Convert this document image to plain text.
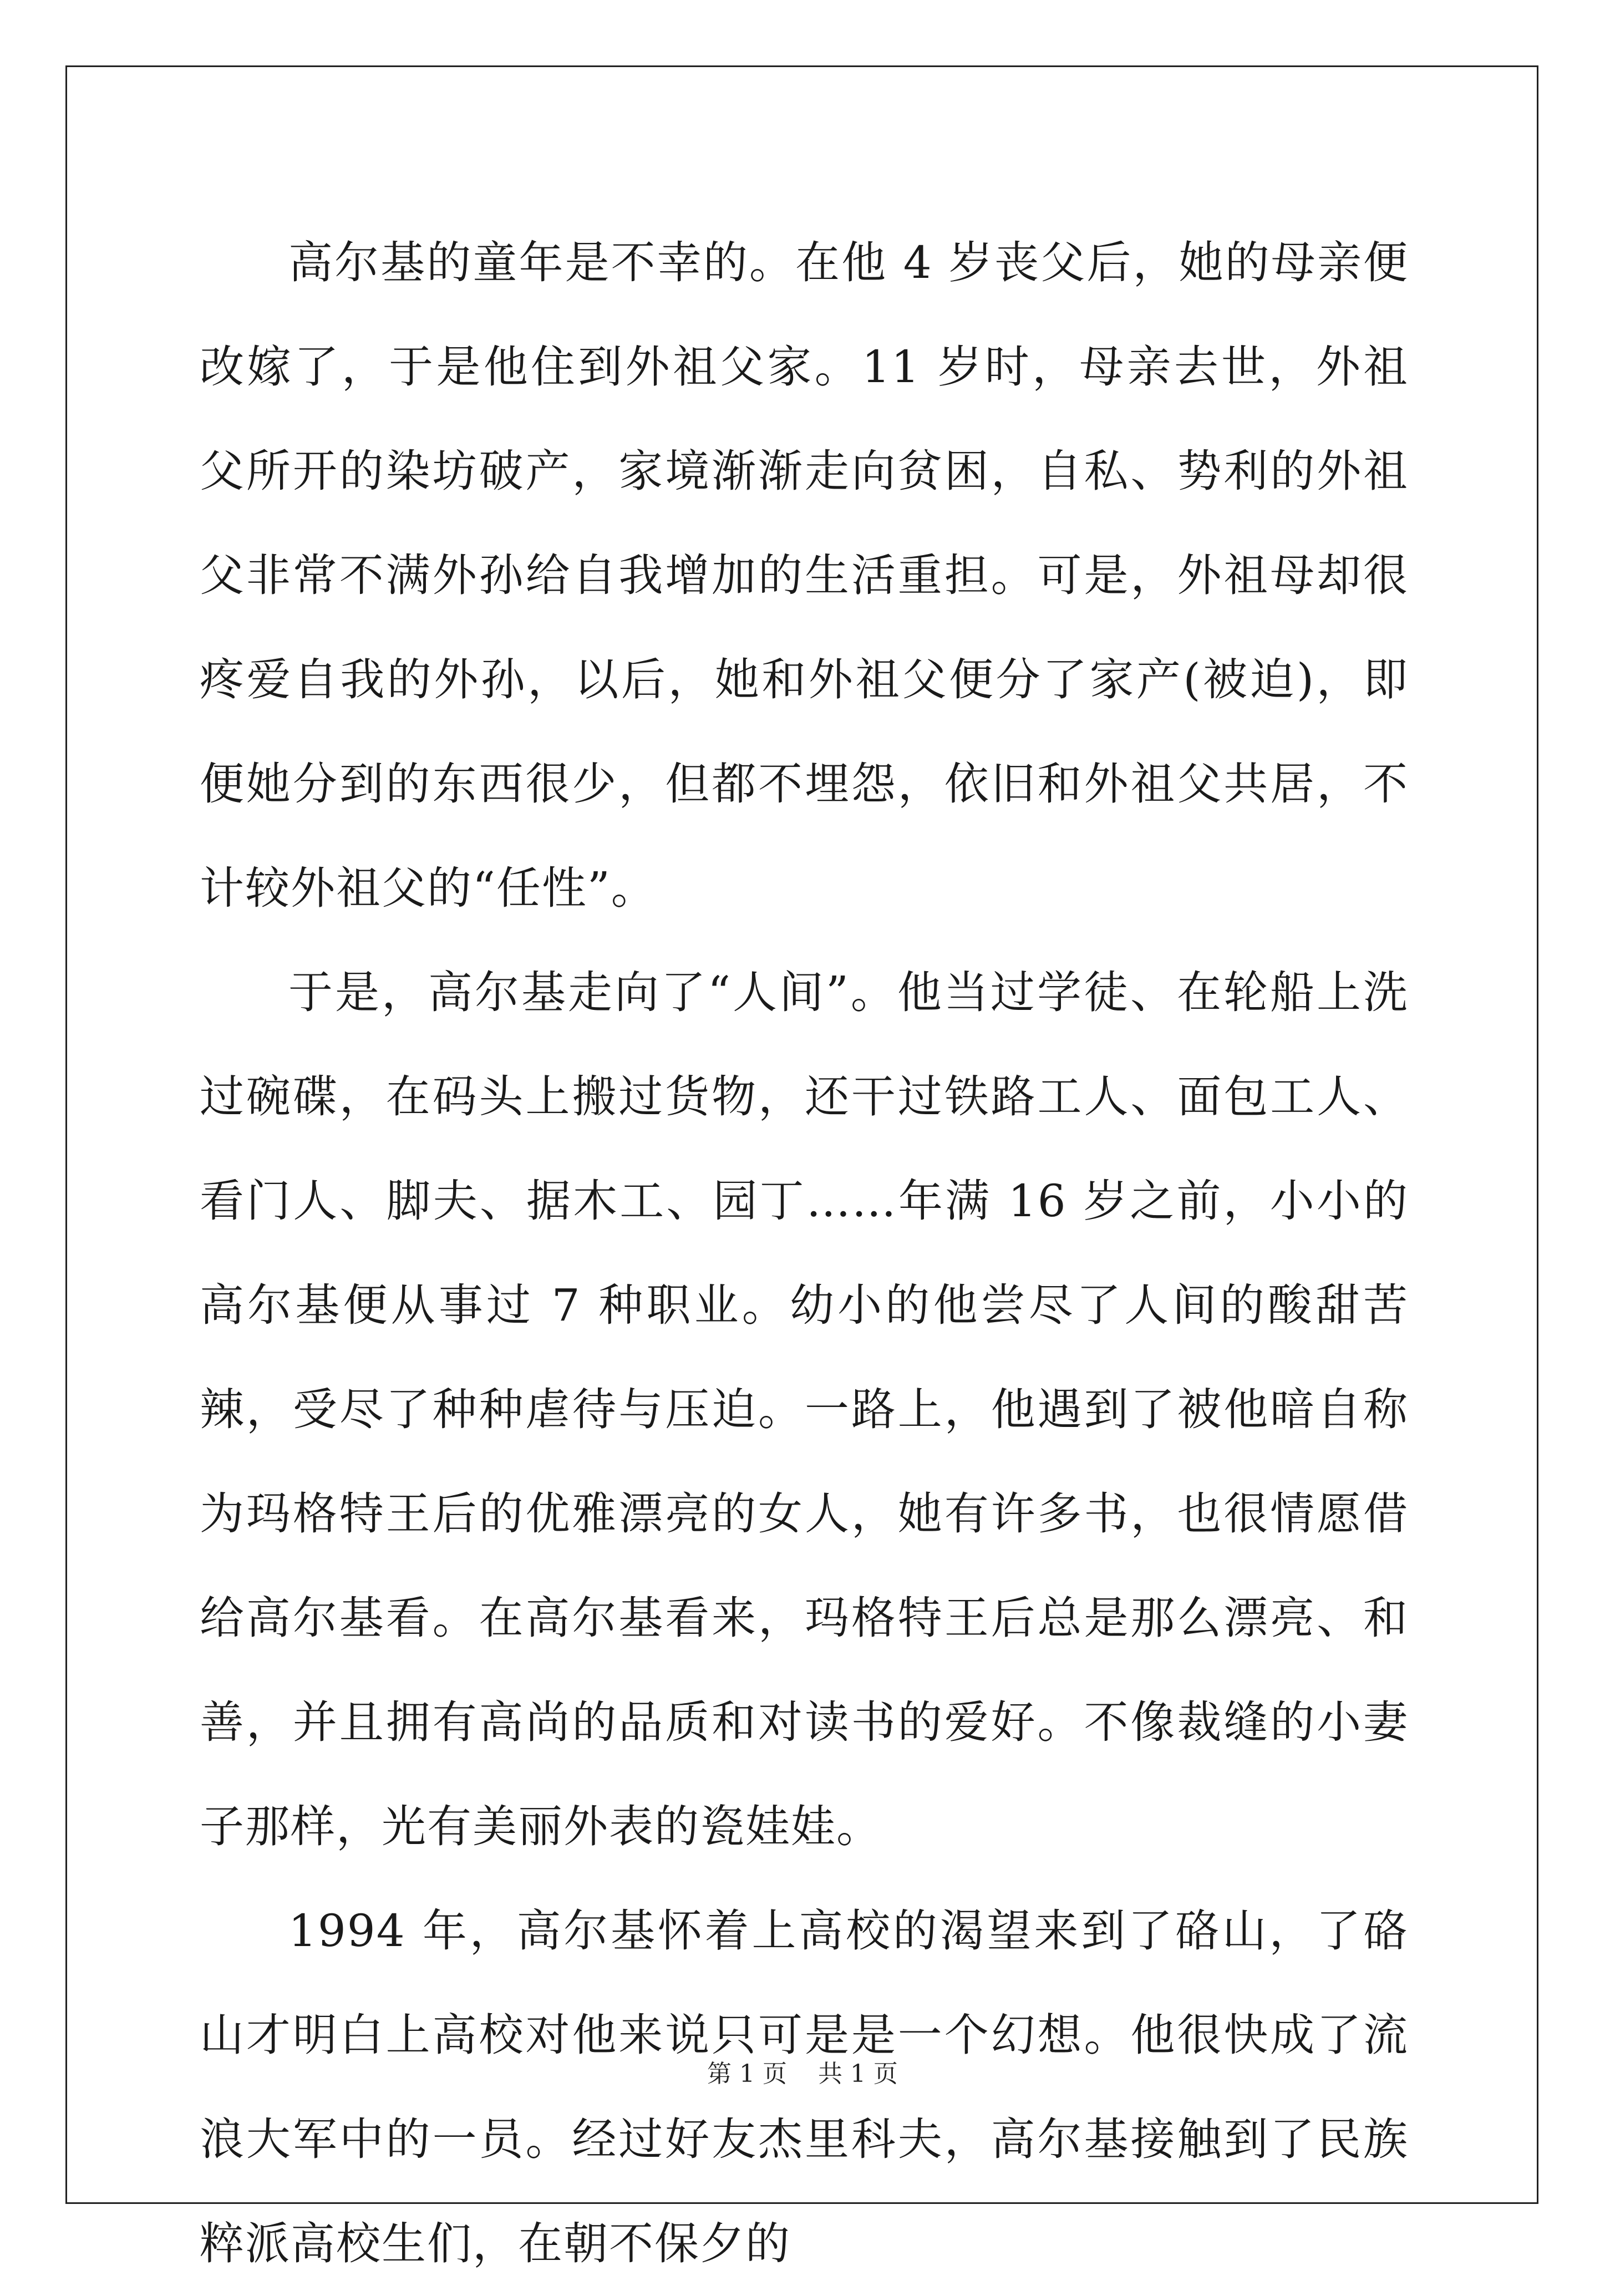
高尔基的童年是不幸的。在他 4 岁丧父后，她的母亲便改嫁了，于是他住到外祖父家。11 岁时，母亲去世，外祖父所开的染坊破产，家境渐渐走向贫困，自私、势利的外祖父非常不满外孙给自我增加的生活重担。可是，外祖母却很疼爱自我的外孙，以后，她和外祖父便分了家产(被迫)，即便她分到的东西很少，但都不埋怨，依旧和外祖父共居，不计较外祖父的“任性”。

于是，高尔基走向了“人间”。他当过学徒、在轮船上洗过碗碟，在码头上搬过货物，还干过铁路工人、面包工人、看门人、脚夫、据木工、园丁……年满 16 岁之前，小小的高尔基便从事过 7 种职业。幼小的他尝尽了人间的酸甜苦辣，受尽了种种虐待与压迫。一路上，他遇到了被他暗自称为玛格特王后的优雅漂亮的女人，她有许多书，也很情愿借给高尔基看。在高尔基看来，玛格特王后总是那么漂亮、和善，并且拥有高尚的品质和对读书的爱好。不像裁缝的小妻子那样，光有美丽外表的瓷娃娃。

1994 年，高尔基怀着上高校的渴望来到了硌山，了硌山才明白上高校对他来说只可是是一个幻想。他很快成了流浪大军中的一员。经过好友杰里科夫，高尔基接触到了民族粹派高校生们，在朝不保夕的

第 1 页    共 1 页
